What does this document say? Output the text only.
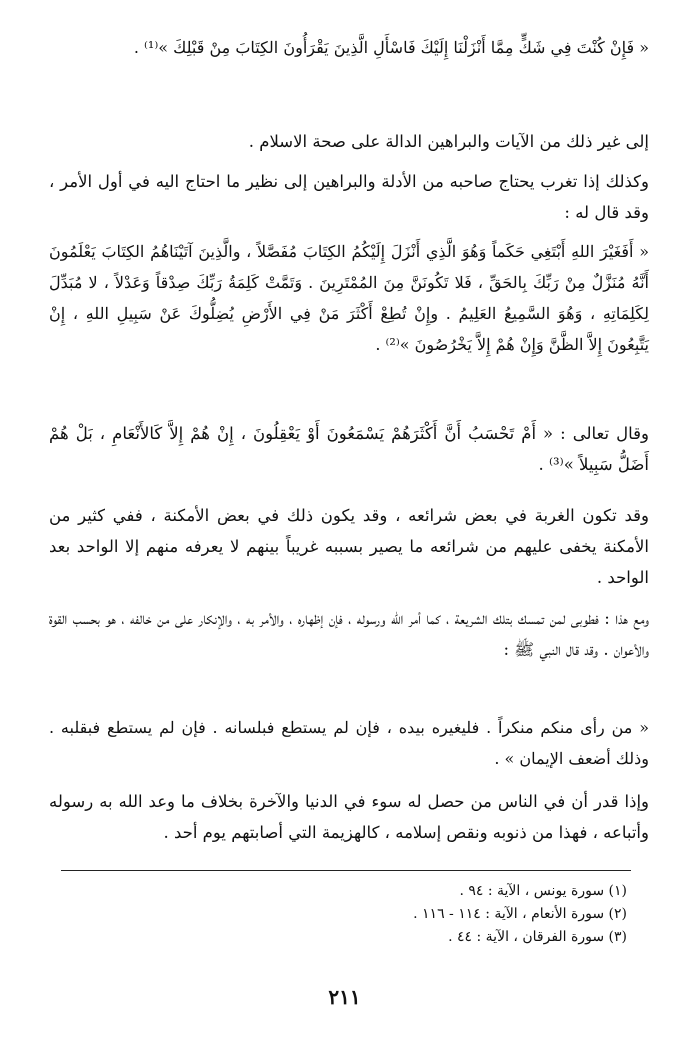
« فَإِنْ كُنْتَ فِي شَكٍّ مِمَّا أَنْزَلْنَا إِلَيْكَ فَاسْأَلِ الَّذِينَ يَقْرَأُونَ الكِتَابَ مِنْ قَبْلِكَ »⁽¹⁾ .

إلى غير ذلك من الآيات والبراهين الدالة على صحة الاسلام .

وكذلك إذا تغرب يحتاج صاحبه من الأدلة والبراهين إلى نظير ما احتاج اليه في أول الأمر ، وقد قال له :

« أَفَغَيْرَ اللهِ أَبْتَغِي حَكَماً وَهُوَ الَّذِي أَنْزَلَ إِلَيْكُمُ الكِتَابَ مُفَصَّلاً ، والَّذِينَ آتَيْنَاهُمُ الكِتَابَ يَعْلَمُونَ أَنَّهُ مُنَزَّلٌ مِنْ رَبِّكَ بِالحَقِّ ، فَلا تَكُونَنَّ مِنَ المُمْتَرِينَ . وَتَمَّتْ كَلِمَةُ رَبِّكَ صِدْقاً وَعَدْلاً ، لا مُبَدِّلَ لِكَلِمَاتِهِ ، وَهُوَ السَّمِيعُ العَلِيمُ . وإِنْ تُطِعْ أَكْثَرَ مَنْ فِي الأَرْضِ يُضِلُّوكَ عَنْ سَبِيلِ اللهِ ، إِنْ يَتَّبِعُونَ إِلاَّ الظَّنَّ وَإِنْ هُمْ إِلاَّ يَخْرُصُونَ »⁽²⁾ .

وقال تعالى : « أَمْ تَحْسَبُ أَنَّ أَكْثَرَهُمْ يَسْمَعُونَ أَوْ يَعْقِلُونَ ، إِنْ هُمْ إِلاَّ كَالأَنْعَامِ ، بَلْ هُمْ أَضَلُّ سَبِيلاً »⁽³⁾ .

وقد تكون الغربة في بعض شرائعه ، وقد يكون ذلك في بعض الأمكنة ، ففي كثير من الأمكنة يخفى عليهم من شرائعه ما يصير بسببه غريباً بينهم لا يعرفه منهم إلا الواحد بعد الواحد .

ومع هذا : فطوبى لمن تمسك بتلك الشريعة ، كما أمر الله ورسوله ، فإن إظهاره ، والأمر به ، والإنكار على من خالفه ، هو بحسب القوة والأعوان . وقد قال النبي ﷺ :

« من رأى منكم منكراً . فليغيره بيده ، فإن لم يستطع فبلسانه . فإن لم يستطع فبقلبه . وذلك أضعف الإيمان » .

وإذا قدر أن في الناس من حصل له سوء في الدنيا والآخرة بخلاف ما وعد الله به رسوله وأتباعه ، فهذا من ذنوبه ونقص إسلامه ، كالهزيمة التي أصابتهم يوم أحد .

(١) سورة يونس ، الآية : ٩٤ .
(٢) سورة الأنعام ، الآية : ١١٤ - ١١٦ .
(٣) سورة الفرقان ، الآية : ٤٤ .
٢١١
